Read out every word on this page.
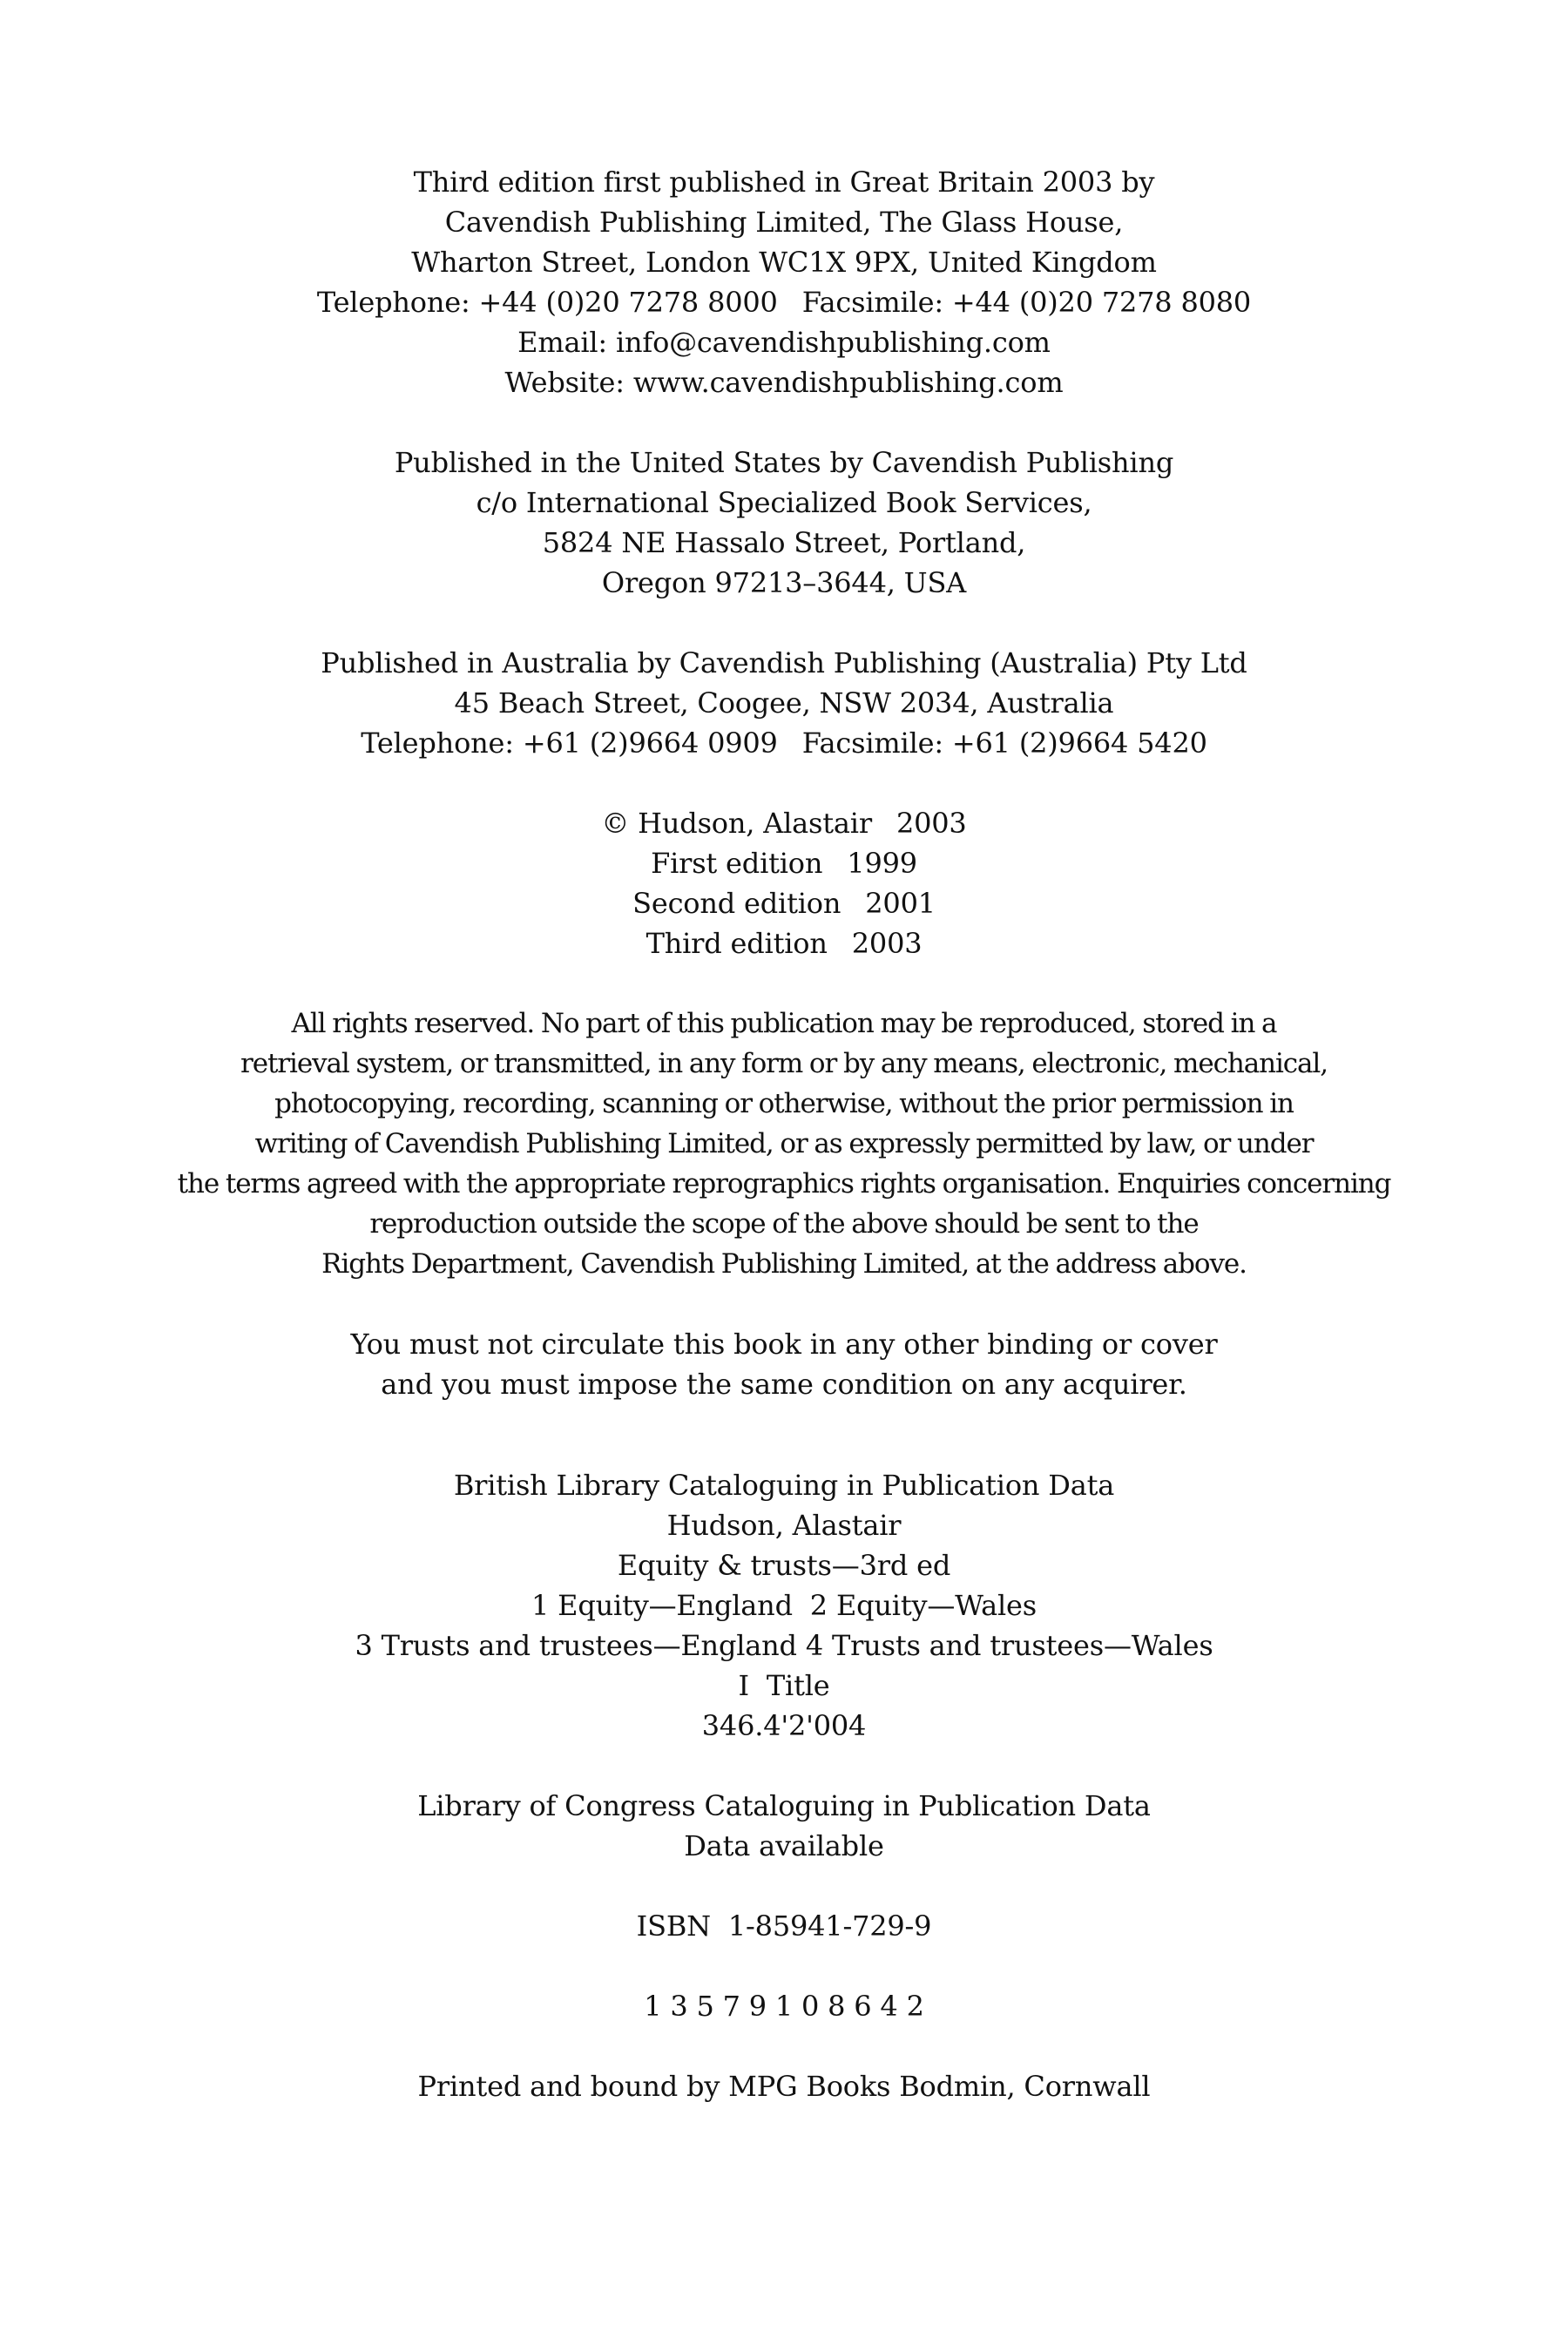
Third edition first published in Great Britain 2003 by
Cavendish Publishing Limited, The Glass House,
Wharton Street, London WC1X 9PX, United Kingdom
Telephone: +44 (0)20 7278 8000 Facsimile: +44 (0)20 7278 8080
Email: info@cavendishpublishing.com
Website: www.cavendishpublishing.com
Published in the United States by Cavendish Publishing
c/o International Specialized Book Services,
5824 NE Hassalo Street, Portland,
Oregon 97213–3644, USA
Published in Australia by Cavendish Publishing (Australia) Pty Ltd
45 Beach Street, Coogee, NSW 2034, Australia
Telephone: +61 (2)9664 0909 Facsimile: +61 (2)9664 5420
© Hudson, Alastair 2003
First edition 1999
Second edition 2001
Third edition 2003
All rights reserved. No part of this publication may be reproduced, stored in a
retrieval system, or transmitted, in any form or by any means, electronic, mechanical,
photocopying, recording, scanning or otherwise, without the prior permission in
writing of Cavendish Publishing Limited, or as expressly permitted by law, or under
the terms agreed with the appropriate reprographics rights organisation. Enquiries concerning
reproduction outside the scope of the above should be sent to the
Rights Department, Cavendish Publishing Limited, at the address above.
You must not circulate this book in any other binding or cover
and you must impose the same condition on any acquirer.
British Library Cataloguing in Publication Data
Hudson, Alastair
Equity & trusts—3rd ed
1 Equity—England  2 Equity—Wales
3 Trusts and trustees—England 4 Trusts and trustees—Wales
I  Title
346.4'2'004
Library of Congress Cataloguing in Publication Data
Data available
ISBN  1-85941-729-9
1 3 5 7 9 1 0 8 6 4 2
Printed and bound by MPG Books Bodmin, Cornwall
